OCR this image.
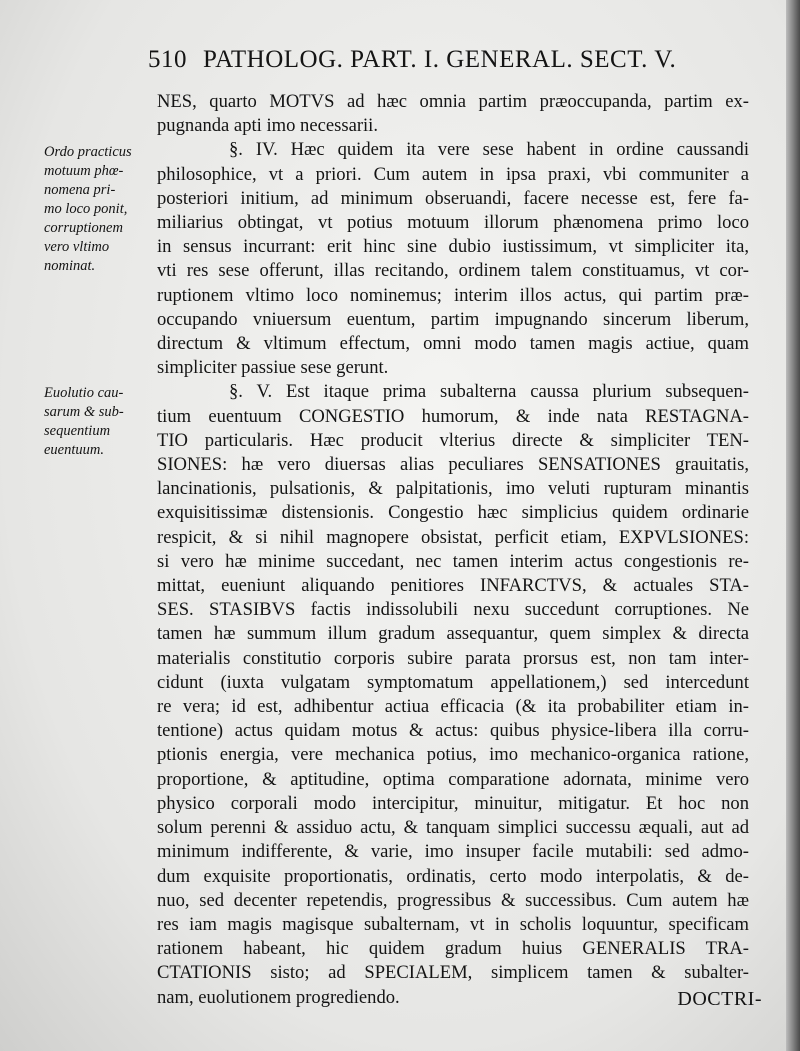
510 PATHOLOG. PART. I. GENERAL. SECT. V.
Ordo practicus
motuum phœ-
nomena pri-
mo loco ponit,
corruptionem
vero vltimo
nominat.
Euolutio cau-
sarum & sub-
sequentium
euentuum.
NES, quarto MOTVS ad hæc omnia partim præoccupanda, partim ex-
pugnanda apti imo necessarii.
§. IV. Hæc quidem ita vere sese habent in ordine caussandi
philosophice, vt a priori. Cum autem in ipsa praxi, vbi communiter a
posteriori initium, ad minimum obseruandi, facere necesse est, fere fa-
miliarius obtingat, vt potius motuum illorum phænomena primo loco
in sensus incurrant: erit hinc sine dubio iustissimum, vt simpliciter ita,
vti res sese offerunt, illas recitando, ordinem talem constituamus, vt cor-
ruptionem vltimo loco nominemus; interim illos actus, qui partim præ-
occupando vniuersum euentum, partim impugnando sincerum liberum,
directum & vltimum effectum, omni modo tamen magis actiue, quam
simpliciter passiue sese gerunt.
§. V. Est itaque prima subalterna caussa plurium subsequen-
tium euentuum CONGESTIO humorum, & inde nata RESTAGNA-
TIO particularis. Hæc producit vlterius directe & simpliciter TEN-
SIONES: hæ vero diuersas alias peculiares SENSATIONES grauitatis,
lancinationis, pulsationis, & palpitationis, imo veluti rupturam minantis
exquisitissimæ distensionis. Congestio hæc simplicius quidem ordinarie
respicit, & si nihil magnopere obsistat, perficit etiam, EXPVLSIONES:
si vero hæ minime succedant, nec tamen interim actus congestionis re-
mittat, eueniunt aliquando penitiores INFARCTVS, & actuales STA-
SES. STASIBVS factis indissolubili nexu succedunt corruptiones. Ne
tamen hæ summum illum gradum assequantur, quem simplex & directa
materialis constitutio corporis subire parata prorsus est, non tam inter-
cidunt (iuxta vulgatam symptomatum appellationem,) sed intercedunt
re vera; id est, adhibentur actiua efficacia (& ita probabiliter etiam in-
tentione) actus quidam motus & actus: quibus physice-libera illa corru-
ptionis energia, vere mechanica potius, imo mechanico-organica ratione,
proportione, & aptitudine, optima comparatione adornata, minime vero
physico corporali modo intercipitur, minuitur, mitigatur. Et hoc non
solum perenni & assiduo actu, & tanquam simplici successu æquali, aut ad
minimum indifferente, & varie, imo insuper facile mutabili: sed admo-
dum exquisite proportionatis, ordinatis, certo modo interpolatis, & de-
nuo, sed decenter repetendis, progressibus & successibus. Cum autem hæ
res iam magis magisque subalternam, vt in scholis loquuntur, specificam
rationem habeant, hic quidem gradum huius GENERALIS TRA-
CTATIONIS sisto; ad SPECIALEM, simplicem tamen & subalter-
nam, euolutionem progrediendo.	DOCTRI-
